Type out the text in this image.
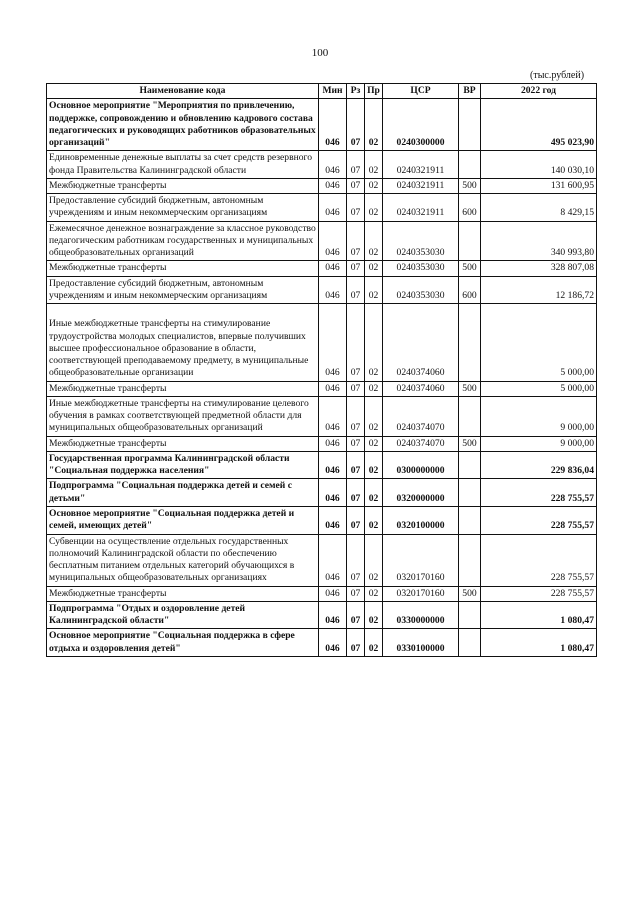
100
(тыс.рублей)
Наименование кода	Мин	Рз	Пр	ЦСР	ВР	2022 год
Основное мероприятие "Мероприятия по привлечению, поддержке, сопровождению и обновлению кадрового состава педагогических и руководящих работников образовательных организаций"	046	07	02	0240300000		495 023,90
Единовременные денежные выплаты за счет средств резервного фонда Правительства Калининградской области	046	07	02	0240321911		140 030,10
Межбюджетные трансферты	046	07	02	0240321911	500	131 600,95
Предоставление субсидий бюджетным, автономным учреждениям и иным некоммерческим организациям	046	07	02	0240321911	600	8 429,15
Ежемесячное денежное вознаграждение за классное руководство педагогическим работникам государственных и муниципальных общеобразовательных организаций	046	07	02	0240353030		340 993,80
Межбюджетные трансферты	046	07	02	0240353030	500	328 807,08
Предоставление субсидий бюджетным, автономным учреждениям и иным некоммерческим организациям	046	07	02	0240353030	600	12 186,72
Иные межбюджетные трансферты на стимулирование трудоустройства молодых специалистов, впервые получивших высшее профессиональное образование в области, соответствующей преподаваемому предмету, в муниципальные общеобразовательные организации	046	07	02	0240374060		5 000,00
Межбюджетные трансферты	046	07	02	0240374060	500	5 000,00
Иные межбюджетные трансферты на стимулирование целевого обучения в рамках соответствующей предметной области для муниципальных общеобразовательных организаций	046	07	02	0240374070		9 000,00
Межбюджетные трансферты	046	07	02	0240374070	500	9 000,00
Государственная программа Калининградской области "Социальная поддержка населения"	046	07	02	0300000000		229 836,04
Подпрограмма "Социальная поддержка детей и семей с детьми"	046	07	02	0320000000		228 755,57
Основное мероприятие "Социальная поддержка детей и семей, имеющих детей"	046	07	02	0320100000		228 755,57
Субвенции на осуществление отдельных государственных полномочий Калининградской области по обеспечению бесплатным питанием отдельных категорий обучающихся в муниципальных общеобразовательных организациях	046	07	02	0320170160		228 755,57
Межбюджетные трансферты	046	07	02	0320170160	500	228 755,57
Подпрограмма "Отдых и оздоровление детей Калининградской области"	046	07	02	0330000000		1 080,47
Основное мероприятие "Социальная поддержка в сфере отдыха и оздоровления детей"	046	07	02	0330100000		1 080,47
